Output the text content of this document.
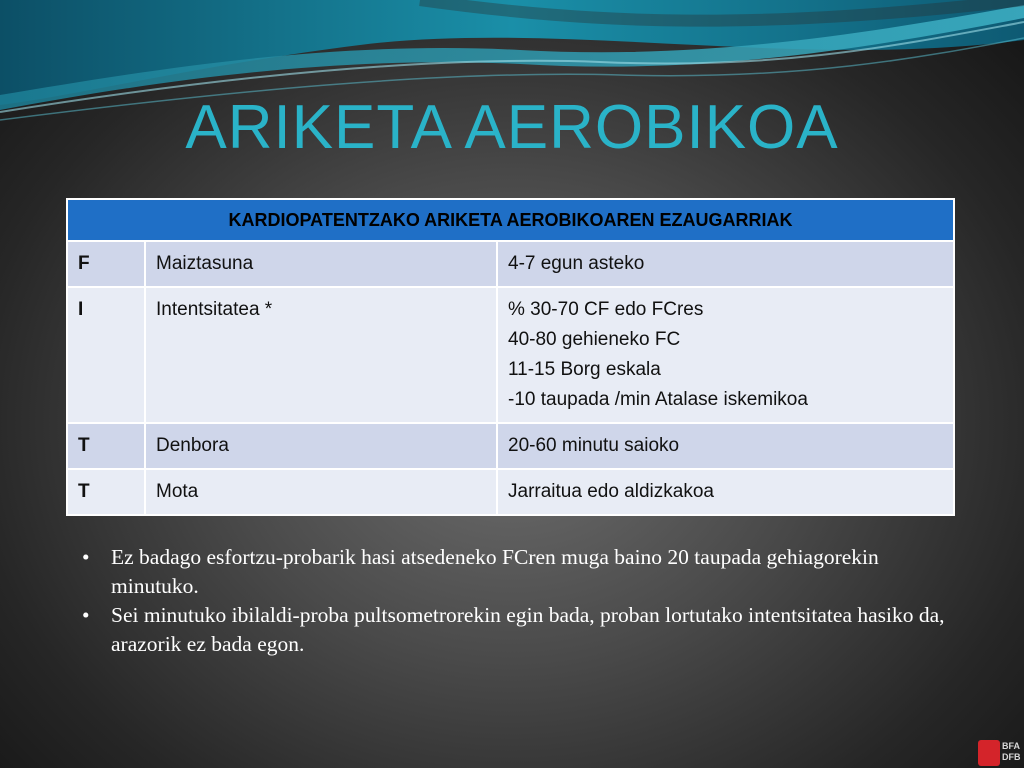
ARIKETA AEROBIKOA
KARDIOPATENTZAKO ARIKETA AEROBIKOAREN EZAUGARRIAK		
F	Maiztasuna	4-7 egun asteko

I	Intentsitatea *	% 30-70 CF edo FCres
40-80 gehieneko FC
11-15 Borg eskala
-10 taupada /min Atalase iskemikoa

T	Denbora	20-60 minutu saioko

T	Mota	Jarraitua edo aldizkakoa
• Ez badago esfortzu-probarik hasi atsedeneko FCren muga baino 20 taupada gehiagorekin minutuko.
• Sei minutuko ibilaldi-proba pultsometrorekin egin bada, proban lortutako intentsitatea hasiko da, arazorik ez bada egon.
BFA
DFB
